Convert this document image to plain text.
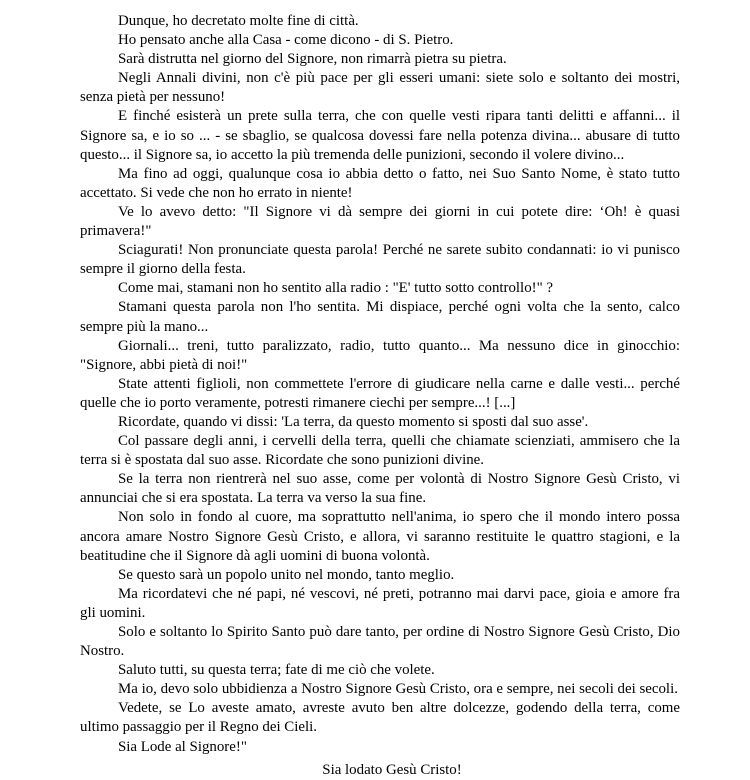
Dunque, ho decretato molte fine di città.

Ho pensato anche alla Casa - come dicono - di S. Pietro.

Sarà distrutta nel giorno del Signore, non rimarrà pietra su pietra.

Negli Annali divini, non c'è più pace per gli esseri umani: siete solo e soltanto dei mostri, senza pietà per nessuno!

E finché esisterà un prete sulla terra, che con quelle vesti ripara tanti delitti e affanni... il Signore sa, e io so ... - se sbaglio, se qualcosa dovessi fare nella potenza divina... abusare di tutto questo... il Signore sa, io accetto la più tremenda delle punizioni, secondo il volere divino...

Ma fino ad oggi, qualunque cosa io abbia detto o fatto, nei Suo Santo Nome, è stato tutto accettato. Si vede che non ho errato in niente!

Ve lo avevo detto: "Il Signore vi dà sempre dei giorni in cui potete dire: ‘Oh! è quasi primavera!"

Sciagurati! Non pronunciate questa parola! Perché ne sarete subito condannati: io vi punisco sempre il giorno della festa.

Come mai, stamani non ho sentito alla radio : "E' tutto sotto controllo!" ?

Stamani questa parola non l'ho sentita. Mi dispiace, perché ogni volta che la sento, calco sempre più la mano...

Giornali... treni, tutto paralizzato, radio, tutto quanto... Ma nessuno dice in ginocchio: "Signore, abbi pietà di noi!"

State attenti figlioli, non commettete l'errore di giudicare nella carne e dalle vesti... perché quelle che io porto veramente, potresti rimanere ciechi per sempre...! [...]

Ricordate, quando vi dissi: 'La terra, da questo momento si sposti dal suo asse'.

Col passare degli anni, i cervelli della terra, quelli che chiamate scienziati, ammisero che la terra si è spostata dal suo asse. Ricordate che sono punizioni divine.

Se la terra non rientrerà nel suo asse, come per volontà di Nostro Signore Gesù Cristo, vi annunciai che si era spostata. La terra va verso la sua fine.

Non solo in fondo al cuore, ma soprattutto nell'anima, io spero che il mondo intero possa ancora amare Nostro Signore Gesù Cristo, e allora, vi saranno restituite le quattro stagioni, e la beatitudine che il Signore dà agli uomini di buona volontà.

Se questo sarà un popolo unito nel mondo, tanto meglio.

Ma ricordatevi che né papi, né vescovi, né preti, potranno mai darvi pace, gioia e amore fra gli uomini.

Solo e soltanto lo Spirito Santo può dare tanto, per ordine di Nostro Signore Gesù Cristo, Dio Nostro.

Saluto tutti, su questa terra; fate di me ciò che volete.

Ma io, devo solo ubbidienza a Nostro Signore Gesù Cristo, ora e sempre, nei secoli dei secoli.

Vedete, se Lo aveste amato, avreste avuto ben altre dolcezze, godendo della terra, come ultimo passaggio per il Regno dei Cieli.

Sia Lode al Signore!"

Sia lodato Gesù Cristo!
